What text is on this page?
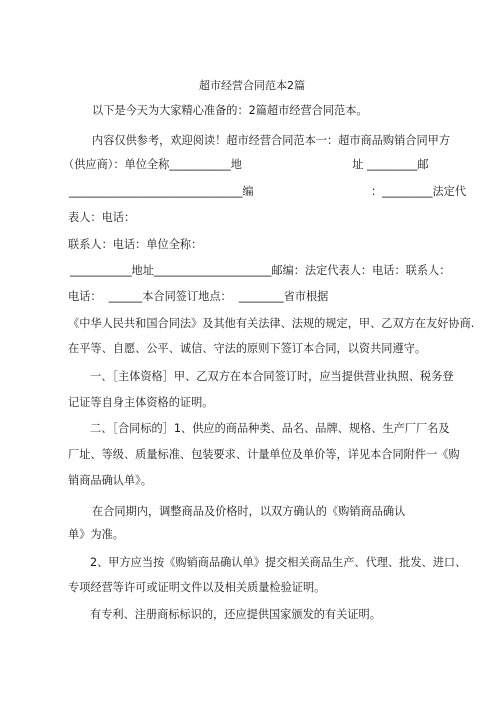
超市经营合同范本2篇
以下是今天为大家精心准备的：2篇超市经营合同范本。
内容仅供参考，欢迎阅读！超市经营合同范本一：超市商品购销合同甲方
（供应商）：单位全称___________地                               址 _________邮
_______________________________编                                 ：_________法定代
表人：电话：
联系人：电话：单位全称：
___________地址_____________________邮编：法定代表人：电话：联系人：
电话：  ______本合同签订地点：  ________省市根据
《中华人民共和国合同法》及其他有关法律、法规的规定，甲、乙双方在友好协商.
在平等、自愿、公平、诚信、守法的原则下签订本合同，以资共同遵守。
一、［主体资格］甲、乙双方在本合同签订时，应当提供营业执照、税务登
记证等自身主体资格的证明。
二、［合同标的］1、供应的商品种类、品名、品牌、规格、生产厂厂名及
厂址、等级、质量标准、包装要求、计量单位及单价等，详见本合同附件一《购
销商品确认单》。
在合同期内，调整商品及价格时，以双方确认的《购销商品确认
单》为准。
2、甲方应当按《购销商品确认单》提交相关商品生产、代理、批发、进口、
专项经营等许可或证明文件以及相关质量检验证明。
有专利、注册商标标识的，还应提供国家颁发的有关证明。
